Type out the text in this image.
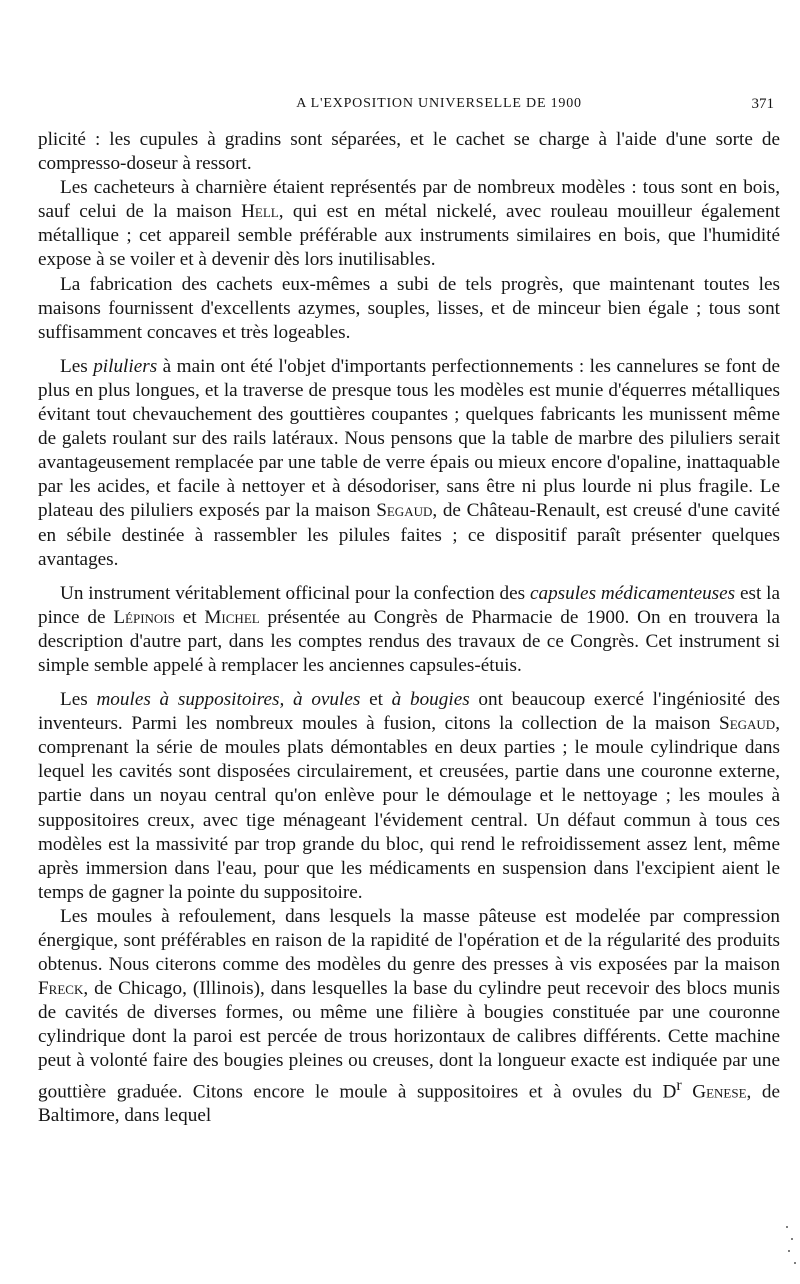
A L'EXPOSITION UNIVERSELLE DE 1900	371

plicité : les cupules à gradins sont séparées, et le cachet se charge à l'aide d'une sorte de compresso-doseur à ressort.

Les cacheteurs à charnière étaient représentés par de nombreux modèles : tous sont en bois, sauf celui de la maison Hell, qui est en métal nickelé, avec rouleau mouilleur également métallique ; cet appareil semble préférable aux instruments similaires en bois, que l'humidité expose à se voiler et à devenir dès lors inutilisables.

La fabrication des cachets eux-mêmes a subi de tels progrès, que maintenant toutes les maisons fournissent d'excellents azymes, souples, lisses, et de minceur bien égale ; tous sont suffisamment concaves et très logeables.

Les piluliers à main ont été l'objet d'importants perfectionnements : les cannelures se font de plus en plus longues, et la traverse de presque tous les modèles est munie d'équerres métalliques évitant tout chevauchement des gouttières coupantes ; quelques fabricants les munissent même de galets roulant sur des rails latéraux. Nous pensons que la table de marbre des piluliers serait avantageusement remplacée par une table de verre épais ou mieux encore d'opaline, inattaquable par les acides, et facile à nettoyer et à désodoriser, sans être ni plus lourde ni plus fragile. Le plateau des piluliers exposés par la maison Segaud, de Château-Renault, est creusé d'une cavité en sébile destinée à rassembler les pilules faites ; ce dispositif paraît présenter quelques avantages.

Un instrument véritablement officinal pour la confection des capsules médicamenteuses est la pince de Lépinois et Michel présentée au Congrès de Pharmacie de 1900. On en trouvera la description d'autre part, dans les comptes rendus des travaux de ce Congrès. Cet instrument si simple semble appelé à remplacer les anciennes capsules-étuis.

Les moules à suppositoires, à ovules et à bougies ont beaucoup exercé l'ingéniosité des inventeurs. Parmi les nombreux moules à fusion, citons la collection de la maison Segaud, comprenant la série de moules plats démontables en deux parties ; le moule cylindrique dans lequel les cavités sont disposées circulairement, et creusées, partie dans une couronne externe, partie dans un noyau central qu'on enlève pour le démoulage et le nettoyage ; les moules à suppositoires creux, avec tige ménageant l'évidement central. Un défaut commun à tous ces modèles est la massivité par trop grande du bloc, qui rend le refroidissement assez lent, même après immersion dans l'eau, pour que les médicaments en suspension dans l'excipient aient le temps de gagner la pointe du suppositoire.

Les moules à refoulement, dans lesquels la masse pâteuse est modelée par compression énergique, sont préférables en raison de la rapidité de l'opération et de la régularité des produits obtenus. Nous citerons comme des modèles du genre des presses à vis exposées par la maison Freck, de Chicago, (Illinois), dans lesquelles la base du cylindre peut recevoir des blocs munis de cavités de diverses formes, ou même une filière à bougies constituée par une couronne cylindrique dont la paroi est percée de trous horizontaux de calibres différents. Cette machine peut à volonté faire des bougies pleines ou creuses, dont la longueur exacte est indiquée par une gouttière graduée. Citons encore le moule à suppositoires et à ovules du $D^r$ Genese, de Baltimore, dans lequel
